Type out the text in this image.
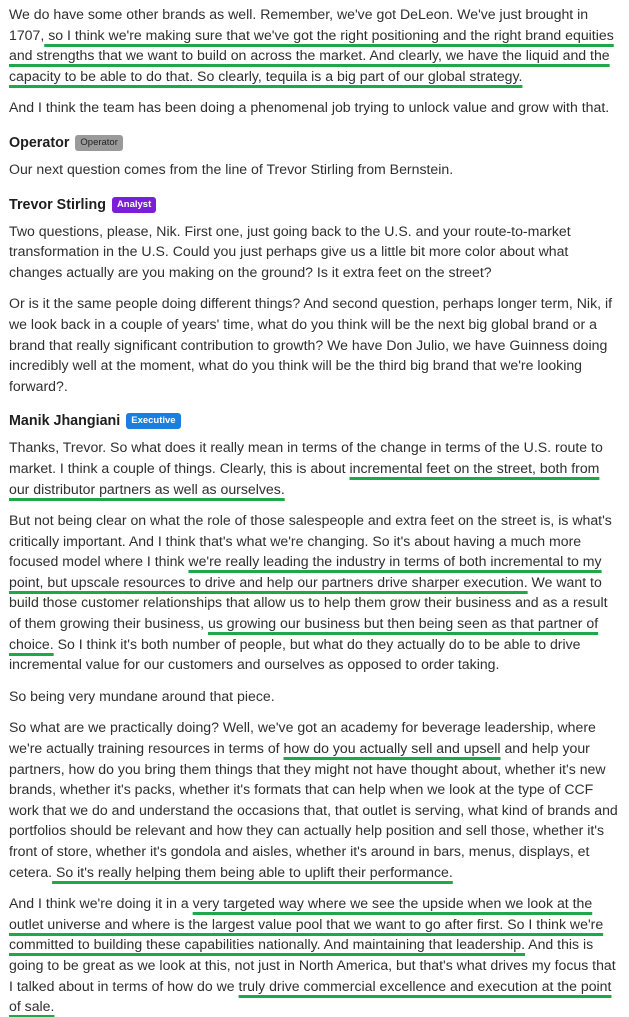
We do have some other brands as well. Remember, we've got DeLeon. We've just brought in 1707, so I think we're making sure that we've got the right positioning and the right brand equities and strengths that we want to build on across the market. And clearly, we have the liquid and the capacity to be able to do that. So clearly, tequila is a big part of our global strategy.

And I think the team has been doing a phenomenal job trying to unlock value and grow with that.

Operator	Operator

Our next question comes from the line of Trevor Stirling from Bernstein.

Trevor Stirling	Analyst

Two questions, please, Nik. First one, just going back to the U.S. and your route-to-market transformation in the U.S. Could you just perhaps give us a little bit more color about what changes actually are you making on the ground? Is it extra feet on the street?

Or is it the same people doing different things? And second question, perhaps longer term, Nik, if we look back in a couple of years' time, what do you think will be the next big global brand or a brand that really significant contribution to growth? We have Don Julio, we have Guinness doing incredibly well at the moment, what do you think will be the third big brand that we're looking forward?.

Manik Jhangiani	Executive

Thanks, Trevor. So what does it really mean in terms of the change in terms of the U.S. route to market. I think a couple of things. Clearly, this is about incremental feet on the street, both from our distributor partners as well as ourselves.

But not being clear on what the role of those salespeople and extra feet on the street is, is what's critically important. And I think that's what we're changing. So it's about having a much more focused model where I think we're really leading the industry in terms of both incremental to my point, but upscale resources to drive and help our partners drive sharper execution. We want to build those customer relationships that allow us to help them grow their business and as a result of them growing their business, us growing our business but then being seen as that partner of choice. So I think it's both number of people, but what do they actually do to be able to drive incremental value for our customers and ourselves as opposed to order taking.

So being very mundane around that piece.

So what are we practically doing? Well, we've got an academy for beverage leadership, where we're actually training resources in terms of how do you actually sell and upsell and help your partners, how do you bring them things that they might not have thought about, whether it's new brands, whether it's packs, whether it's formats that can help when we look at the type of CCF work that we do and understand the occasions that, that outlet is serving, what kind of brands and portfolios should be relevant and how they can actually help position and sell those, whether it's front of store, whether it's gondola and aisles, whether it's around in bars, menus, displays, et cetera. So it's really helping them being able to uplift their performance.

And I think we're doing it in a very targeted way where we see the upside when we look at the outlet universe and where is the largest value pool that we want to go after first. So I think we're committed to building these capabilities nationally. And maintaining that leadership. And this is going to be great as we look at this, not just in North America, but that's what drives my focus that I talked about in terms of how do we truly drive commercial excellence and execution at the point of sale.
